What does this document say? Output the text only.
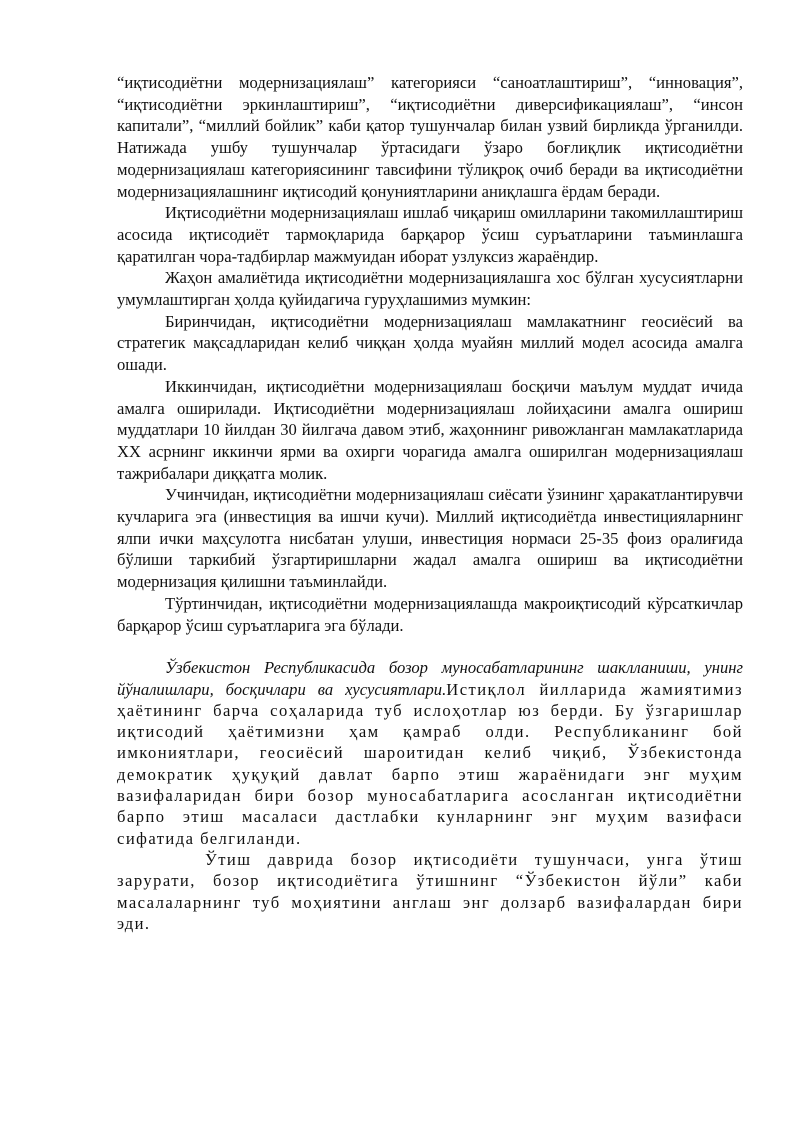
“иқтисодиётни модернизациялаш” категорияси “саноатлаштириш”, “инновация”, “иқтисодиётни эркинлаштириш”, “иқтисодиётни диверсификациялаш”, “инсон капитали”, “миллий бойлик” каби қатор тушунчалар билан узвий бирликда ўрганилди. Натижада ушбу тушунчалар ўртасидаги ўзаро боғлиқлик иқтисодиётни модернизациялаш категориясининг тавсифини тўлиқроқ очиб беради ва иқтисодиётни модернизациялашнинг иқтисодий қонуниятларини аниқлашга ёрдам беради.

Иқтисодиётни модернизациялаш ишлаб чиқариш омилларини такомиллаштириш асосида иқтисодиёт тармоқларида барқарор ўсиш суръатларини таъминлашга қаратилган чора-тадбирлар мажмуидан иборат узлуксиз жараёндир.

Жаҳон амалиётида иқтисодиётни модернизациялашга хос бўлган хусусиятларни умумлаштирган ҳолда қуйидагича гуруҳлашимиз мумкин:

Биринчидан, иқтисодиётни модернизациялаш мамлакатнинг геосиёсий ва стратегик мақсадларидан келиб чиққан ҳолда муайян миллий модел асосида амалга ошади.

Иккинчидан, иқтисодиётни модернизациялаш босқичи маълум муддат ичида амалга оширилади. Иқтисодиётни модернизациялаш лойиҳасини амалга ошириш муддатлари 10 йилдан 30 йилгача давом этиб, жаҳоннинг ривожланган мамлакатларида ХХ асрнинг иккинчи ярми ва охирги чорагида амалга оширилган модернизациялаш тажрибалари диққатга молик.

Учинчидан, иқтисодиётни модернизациялаш сиёсати ўзининг ҳаракатлантирувчи кучларига эга (инвестиция ва ишчи кучи). Миллий иқтисодиётда инвестицияларнинг ялпи ички маҳсулотга нисбатан улуши, инвестиция нормаси 25-35 фоиз оралиғида бўлиши таркибий ўзгартиришларни жадал амалга ошириш ва иқтисодиётни модернизация қилишни таъминлайди.

Тўртинчидан, иқтисодиётни модернизациялашда макроиқтисодий кўрсаткичлар барқарор ўсиш суръатларига эга бўлади.

Ўзбекистон Республикасида бозор муносабатларининг шаклланиши, унинг йўналишлари, босқичлари ва хусусиятлари.Истиқлол йилларида жамиятимиз ҳаётининг барча соҳаларида туб ислоҳотлар юз берди. Бу ўзгаришлар иқтисодий ҳаётимизни ҳам қамраб олди. Республиканинг бой имкониятлари, геосиёсий шароитидан келиб чиқиб, Ўзбекистонда демократик ҳуқуқий давлат барпо этиш жараёнидаги энг муҳим вазифаларидан бири бозор муносабатларига асосланган иқтисодиётни барпо этиш масаласи дастлабки кунларнинг энг муҳим вазифаси сифатида белгиланди.

Ўтиш даврида бозор иқтисодиёти тушунчаси, унга ўтиш зарурати, бозор иқтисодиётига ўтишнинг “Ўзбекистон йўли” каби масалаларнинг туб моҳиятини англаш энг долзарб вазифалардан бири эди.
